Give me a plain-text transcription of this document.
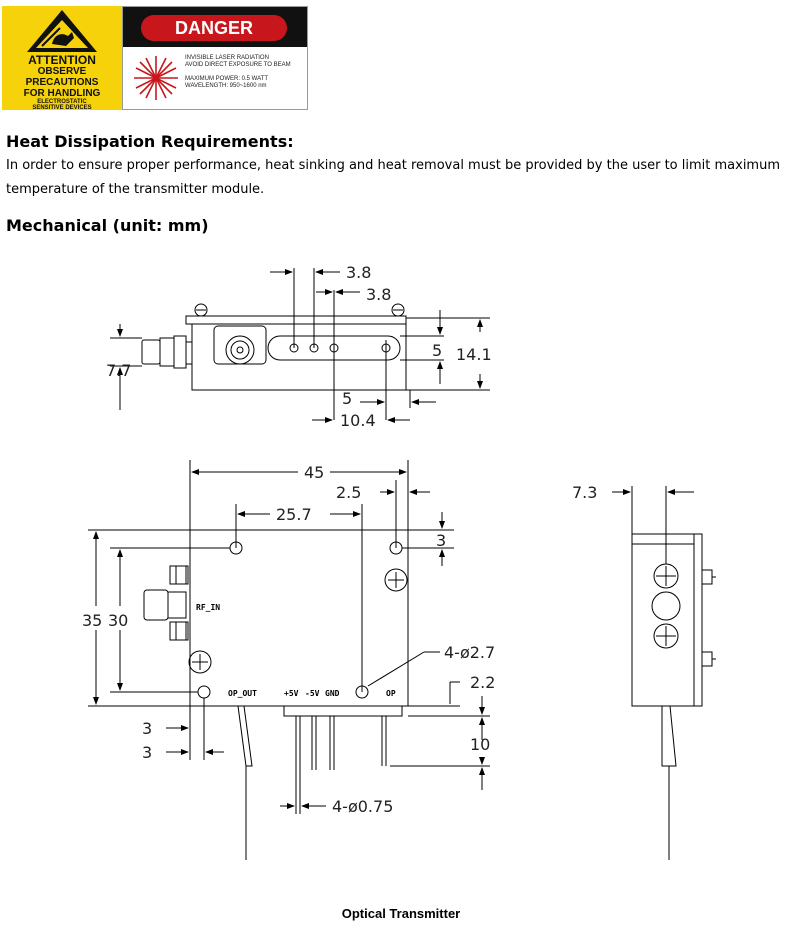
ATTENTION
OBSERVE
PRECAUTIONS
FOR HANDLING
ELECTROSTATIC
SENSITIVE DEVICES
DANGER
INVISIBLE LASER RADIATION
AVOID DIRECT EXPOSURE TO BEAM
MAXIMUM POWER: 0.5 WATT
WAVELENGTH: 950~1600 nm
Heat Dissipation Requirements:
In order to ensure proper performance, heat sinking and heat removal must be provided by the user to limit maximum
temperature of the transmitter module.
Mechanical (unit: mm)
3.8
3.8
5 14.1
7.7
5
10.4
45
2.5
25.7
3
35 30
4-ø2.7
2.2
10
3
3
4-ø0.75
7.3
RF_IN
OP_OUT	+5V -5V GND	OP
Optical Transmitter
